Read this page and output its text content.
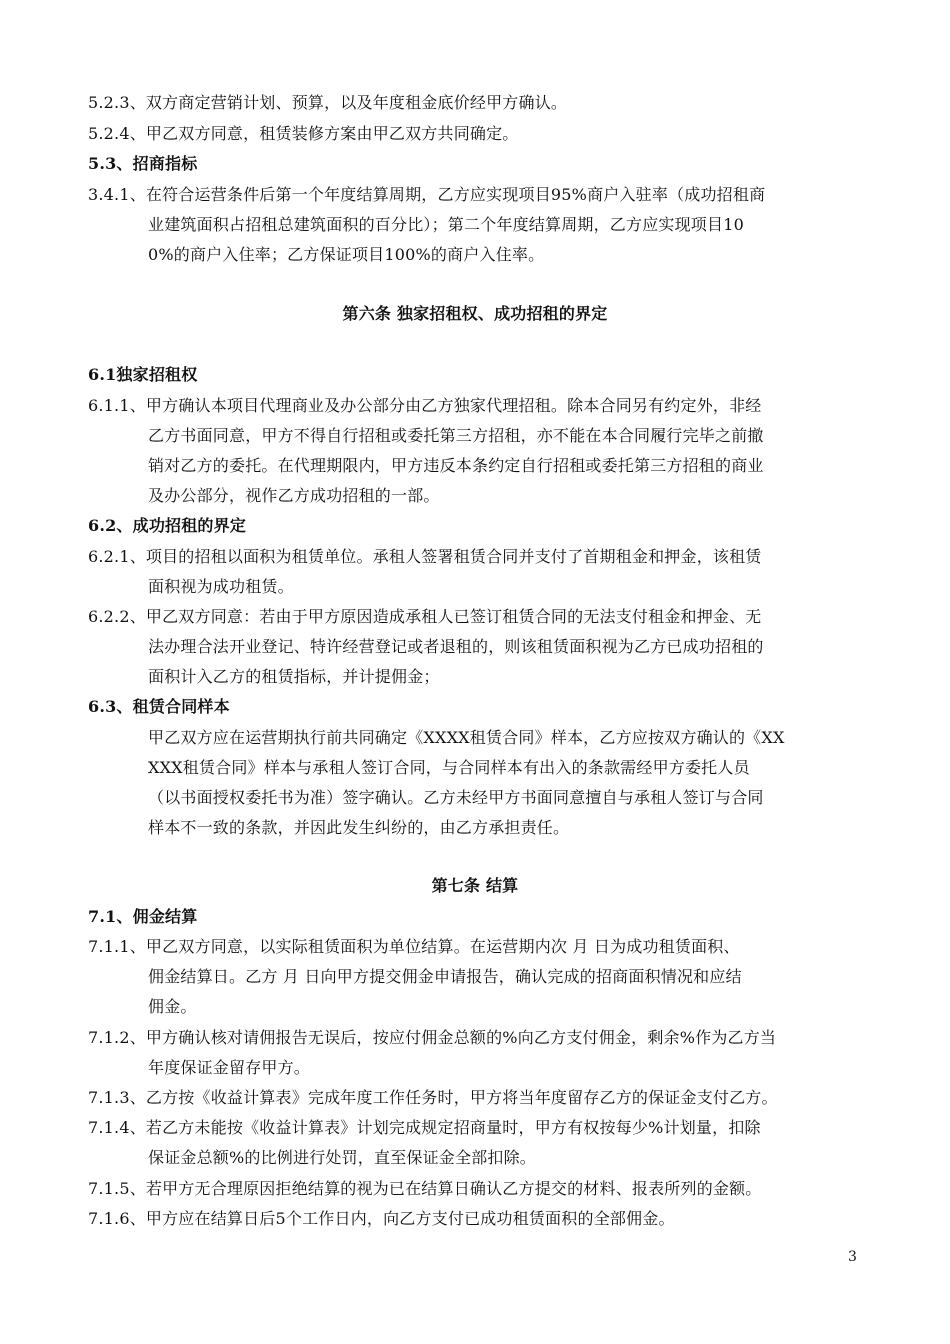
5.2.3、双方商定营销计划、预算，以及年度租金底价经甲方确认。
5.2.4、甲乙双方同意，租赁装修方案由甲乙双方共同确定。
5.3、招商指标
3.4.1、在符合运营条件后第一个年度结算周期，乙方应实现项目95%商户入驻率（成功招租商
业建筑面积占招租总建筑面积的百分比）；第二个年度结算周期，乙方应实现项目10
0%的商户入住率；乙方保证项目100%的商户入住率。
第六条 独家招租权、成功招租的界定
6.1独家招租权
6.1.1、甲方确认本项目代理商业及办公部分由乙方独家代理招租。除本合同另有约定外，非经
乙方书面同意，甲方不得自行招租或委托第三方招租，亦不能在本合同履行完毕之前撤
销对乙方的委托。在代理期限内，甲方违反本条约定自行招租或委托第三方招租的商业
及办公部分，视作乙方成功招租的一部。
6.2、成功招租的界定
6.2.1、项目的招租以面积为租赁单位。承租人签署租赁合同并支付了首期租金和押金，该租赁
面积视为成功租赁。
6.2.2、甲乙双方同意：若由于甲方原因造成承租人已签订租赁合同的无法支付租金和押金、无
法办理合法开业登记、特许经营登记或者退租的，则该租赁面积视为乙方已成功招租的
面积计入乙方的租赁指标，并计提佣金；
6.3、租赁合同样本
甲乙双方应在运营期执行前共同确定《XXXX租赁合同》样本，乙方应按双方确认的《XX
XXX租赁合同》样本与承租人签订合同，与合同样本有出入的条款需经甲方委托人员
（以书面授权委托书为准）签字确认。乙方未经甲方书面同意擅自与承租人签订与合同
样本不一致的条款，并因此发生纠纷的，由乙方承担责任。
第七条 结算
7.1、佣金结算
7.1.1、甲乙双方同意，以实际租赁面积为单位结算。在运营期内次 月 日为成功租赁面积、
佣金结算日。乙方 月 日向甲方提交佣金申请报告，确认完成的招商面积情况和应结
佣金。
7.1.2、甲方确认核对请佣报告无误后，按应付佣金总额的%向乙方支付佣金，剩余%作为乙方当
年度保证金留存甲方。
7.1.3、乙方按《收益计算表》完成年度工作任务时，甲方将当年度留存乙方的保证金支付乙方。
7.1.4、若乙方未能按《收益计算表》计划完成规定招商量时，甲方有权按每少%计划量，扣除
保证金总额%的比例进行处罚，直至保证金全部扣除。
7.1.5、若甲方无合理原因拒绝结算的视为已在结算日确认乙方提交的材料、报表所列的金额。
7.1.6、甲方应在结算日后5个工作日内，向乙方支付已成功租赁面积的全部佣金。
3
